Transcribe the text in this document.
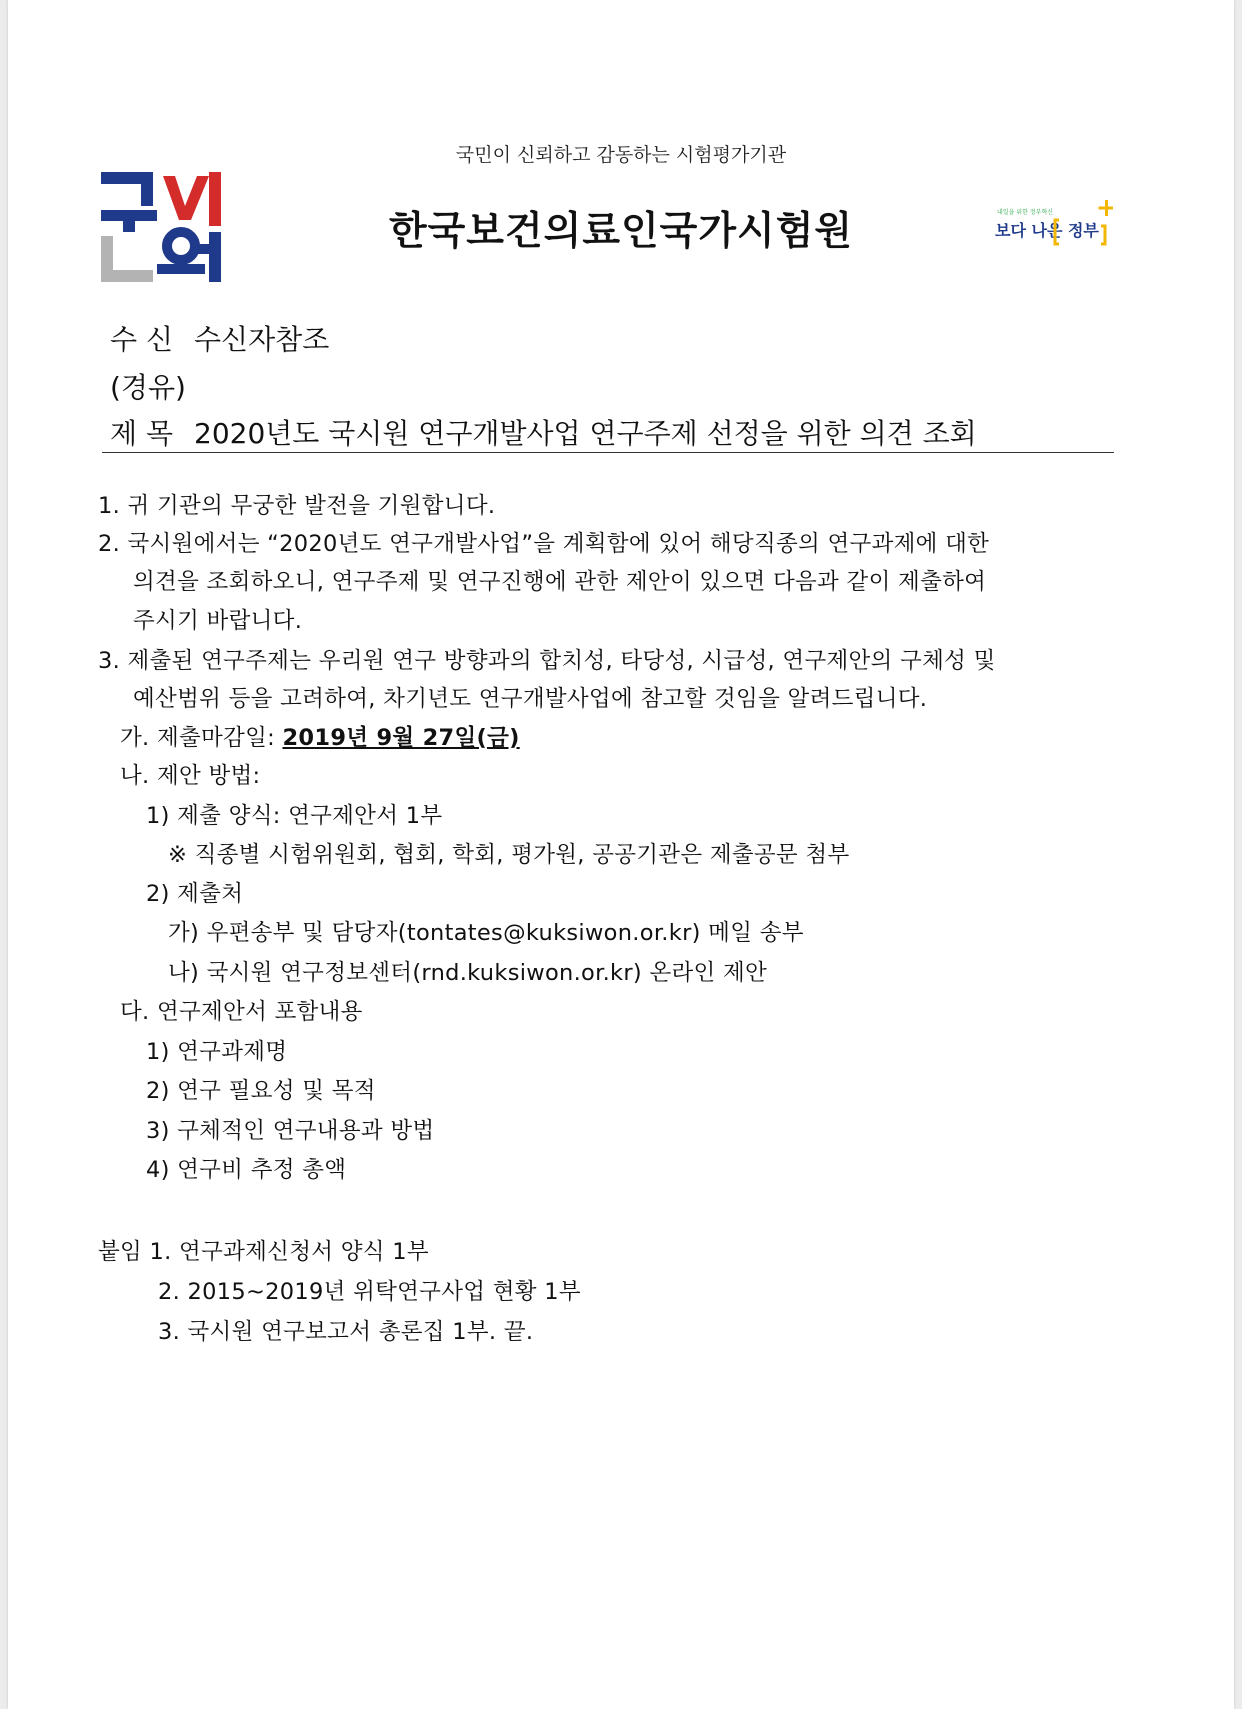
내일을 위한 정부혁신
보다 나은 정부
국민이 신뢰하고 감동하는 시험평가기관
한국보건의료인국가시험원
수 신 수신자참조
(경유)
제 목 2020년도 국시원 연구개발사업 연구주제 선정을 위한 의견 조회
1. 귀 기관의 무궁한 발전을 기원합니다.
2. 국시원에서는 “2020년도 연구개발사업”을 계획함에 있어 해당직종의 연구과제에 대한
의견을 조회하오니, 연구주제 및 연구진행에 관한 제안이 있으면 다음과 같이 제출하여
주시기 바랍니다.
3. 제출된 연구주제는 우리원 연구 방향과의 합치성, 타당성, 시급성, 연구제안의 구체성 및
예산범위 등을 고려하여, 차기년도 연구개발사업에 참고할 것임을 알려드립니다.
가. 제출마감일: 2019년 9월 27일(금)
나. 제안 방법:
1) 제출 양식: 연구제안서 1부
※ 직종별 시험위원회, 협회, 학회, 평가원, 공공기관은 제출공문 첨부
2) 제출처
가) 우편송부 및 담당자(tontates@kuksiwon.or.kr) 메일 송부
나) 국시원 연구정보센터(rnd.kuksiwon.or.kr) 온라인 제안
다. 연구제안서 포함내용
1) 연구과제명
2) 연구 필요성 및 목적
3) 구체적인 연구내용과 방법
4) 연구비 추정 총액
붙임 1. 연구과제신청서 양식 1부
2. 2015~2019년 위탁연구사업 현황 1부
3. 국시원 연구보고서 총론집 1부. 끝.
